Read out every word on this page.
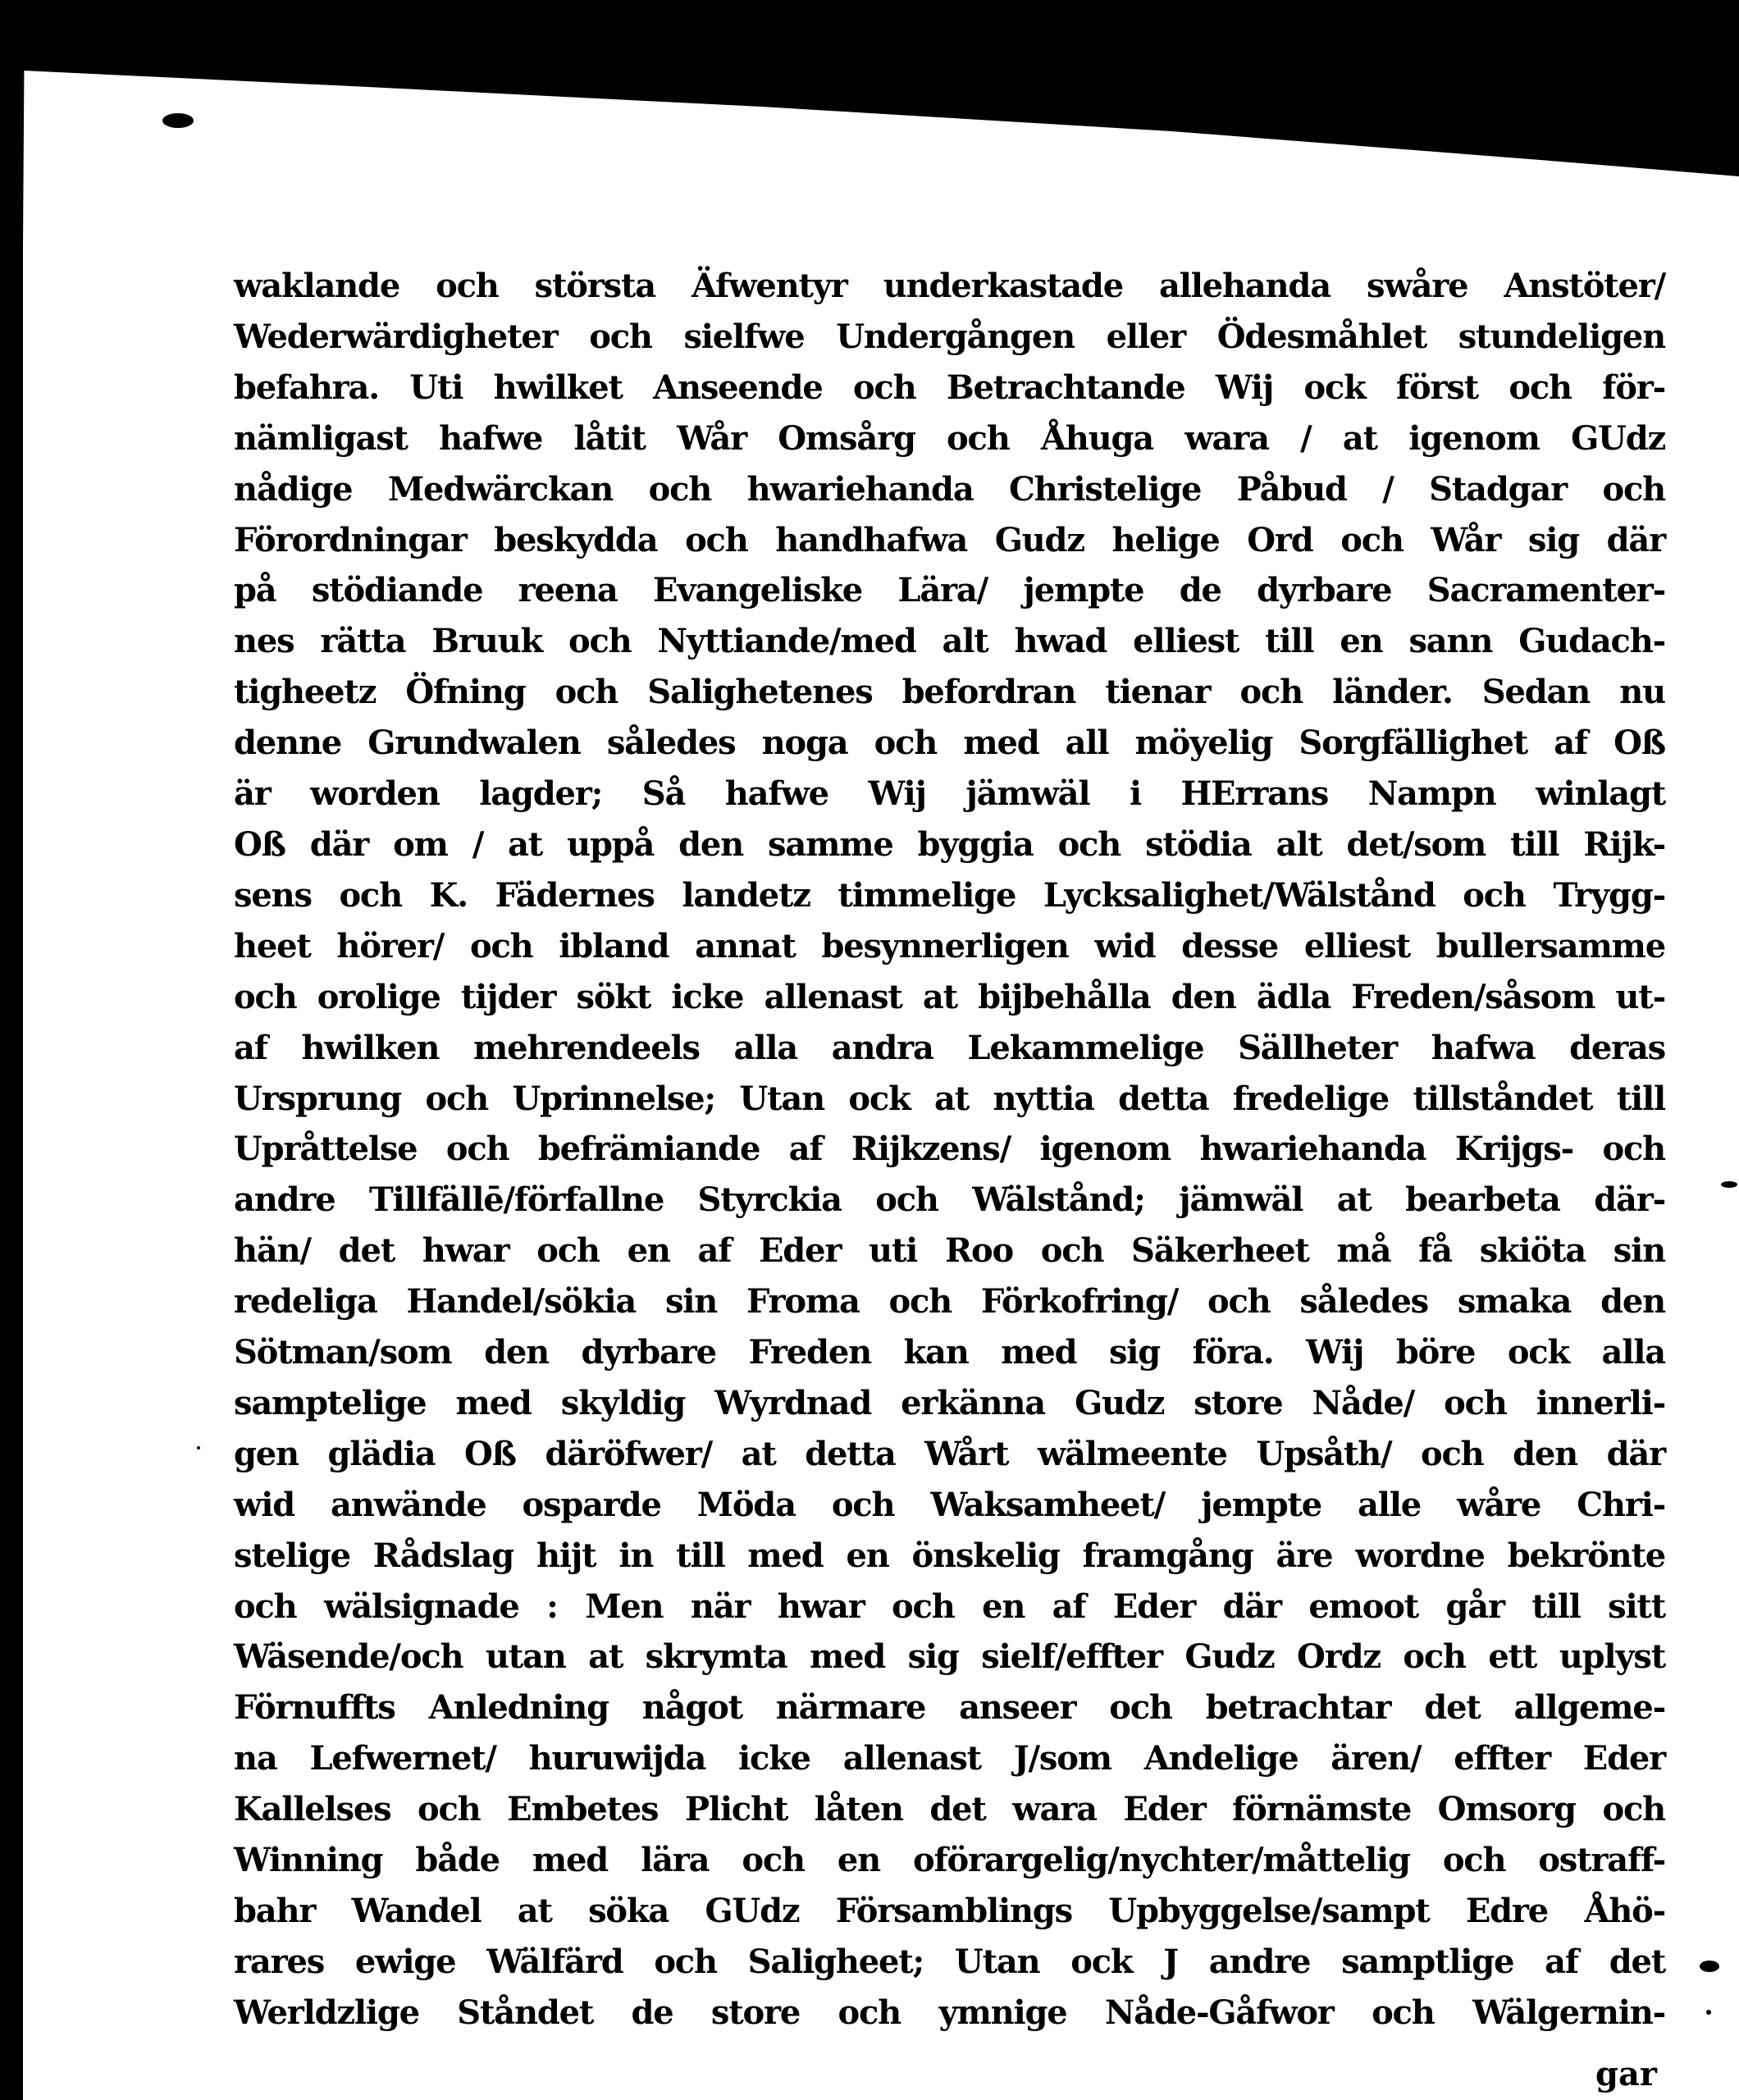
waklande och största Äfwentyr underkastade allehanda swåre Anstöter/
Wederwärdigheter och sielfwe Undergången eller Ödesmåhlet stundeligen
befahra. Uti hwilket Anseende och Betrachtande Wij ock först och för-
nämligast hafwe låtit Wår Omsårg och Åhuga wara / at igenom GUdz
nådige Medwärckan och hwariehanda Christelige Påbud / Stadgar och
Förordningar beskydda och handhafwa Gudz helige Ord och Wår sig där
på stödiande reena Evangeliske Lära/ jempte de dyrbare Sacramenter-
nes rätta Bruuk och Nyttiande/med alt hwad elliest till en sann Gudach-
tigheetz Öfning och Salighetenes befordran tienar och länder. Sedan nu
denne Grundwalen således noga och med all möyelig Sorgfällighet af Oß
är worden lagder; Så hafwe Wij jämwäl i HErrans Nampn winlagt
Oß där om / at uppå den samme byggia och stödia alt det/som till Rijk-
sens och K. Fädernes landetz timmelige Lycksalighet/Wälstånd och Trygg-
heet hörer/ och ibland annat besynnerligen wid desse elliest bullersamme
och orolige tijder sökt icke allenast at bijbehålla den ädla Freden/såsom ut-
af hwilken mehrendeels alla andra Lekammelige Sällheter hafwa deras
Ursprung och Uprinnelse; Utan ock at nyttia detta fredelige tillståndet till
Upråttelse och befrämiande af Rijkzens/ igenom hwariehanda Krijgs- och
andre Tillfällē/förfallne Styrckia och Wälstånd; jämwäl at bearbeta där-
hän/ det hwar och en af Eder uti Roo och Säkerheet må få skiöta sin
redeliga Handel/sökia sin Froma och Förkofring/ och således smaka den
Sötman/som den dyrbare Freden kan med sig föra. Wij böre ock alla
samptelige med skyldig Wyrdnad erkänna Gudz store Nåde/ och innerli-
gen glädia Oß däröfwer/ at detta Wårt wälmeente Upsåth/ och den där
wid anwände osparde Möda och Waksamheet/ jempte alle wåre Chri-
stelige Rådslag hijt in till med en önskelig framgång äre wordne bekrönte
och wälsignade : Men när hwar och en af Eder där emoot går till sitt
Wäsende/och utan at skrymta med sig sielf/effter Gudz Ordz och ett uplyst
Förnuffts Anledning något närmare anseer och betrachtar det allgeme-
na Lefwernet/ huruwijda icke allenast J/som Andelige ären/ effter Eder
Kallelses och Embetes Plicht låten det wara Eder förnämste Omsorg och
Winning både med lära och en oförargelig/nychter/måttelig och ostraff-
bahr Wandel at söka GUdz Församblings Upbyggelse/sampt Edre Åhö-
rares ewige Wälfärd och Saligheet; Utan ock J andre samptlige af det
Werldzlige Ståndet de store och ymnige Nåde-Gåfwor och Wälgernin-
gar
